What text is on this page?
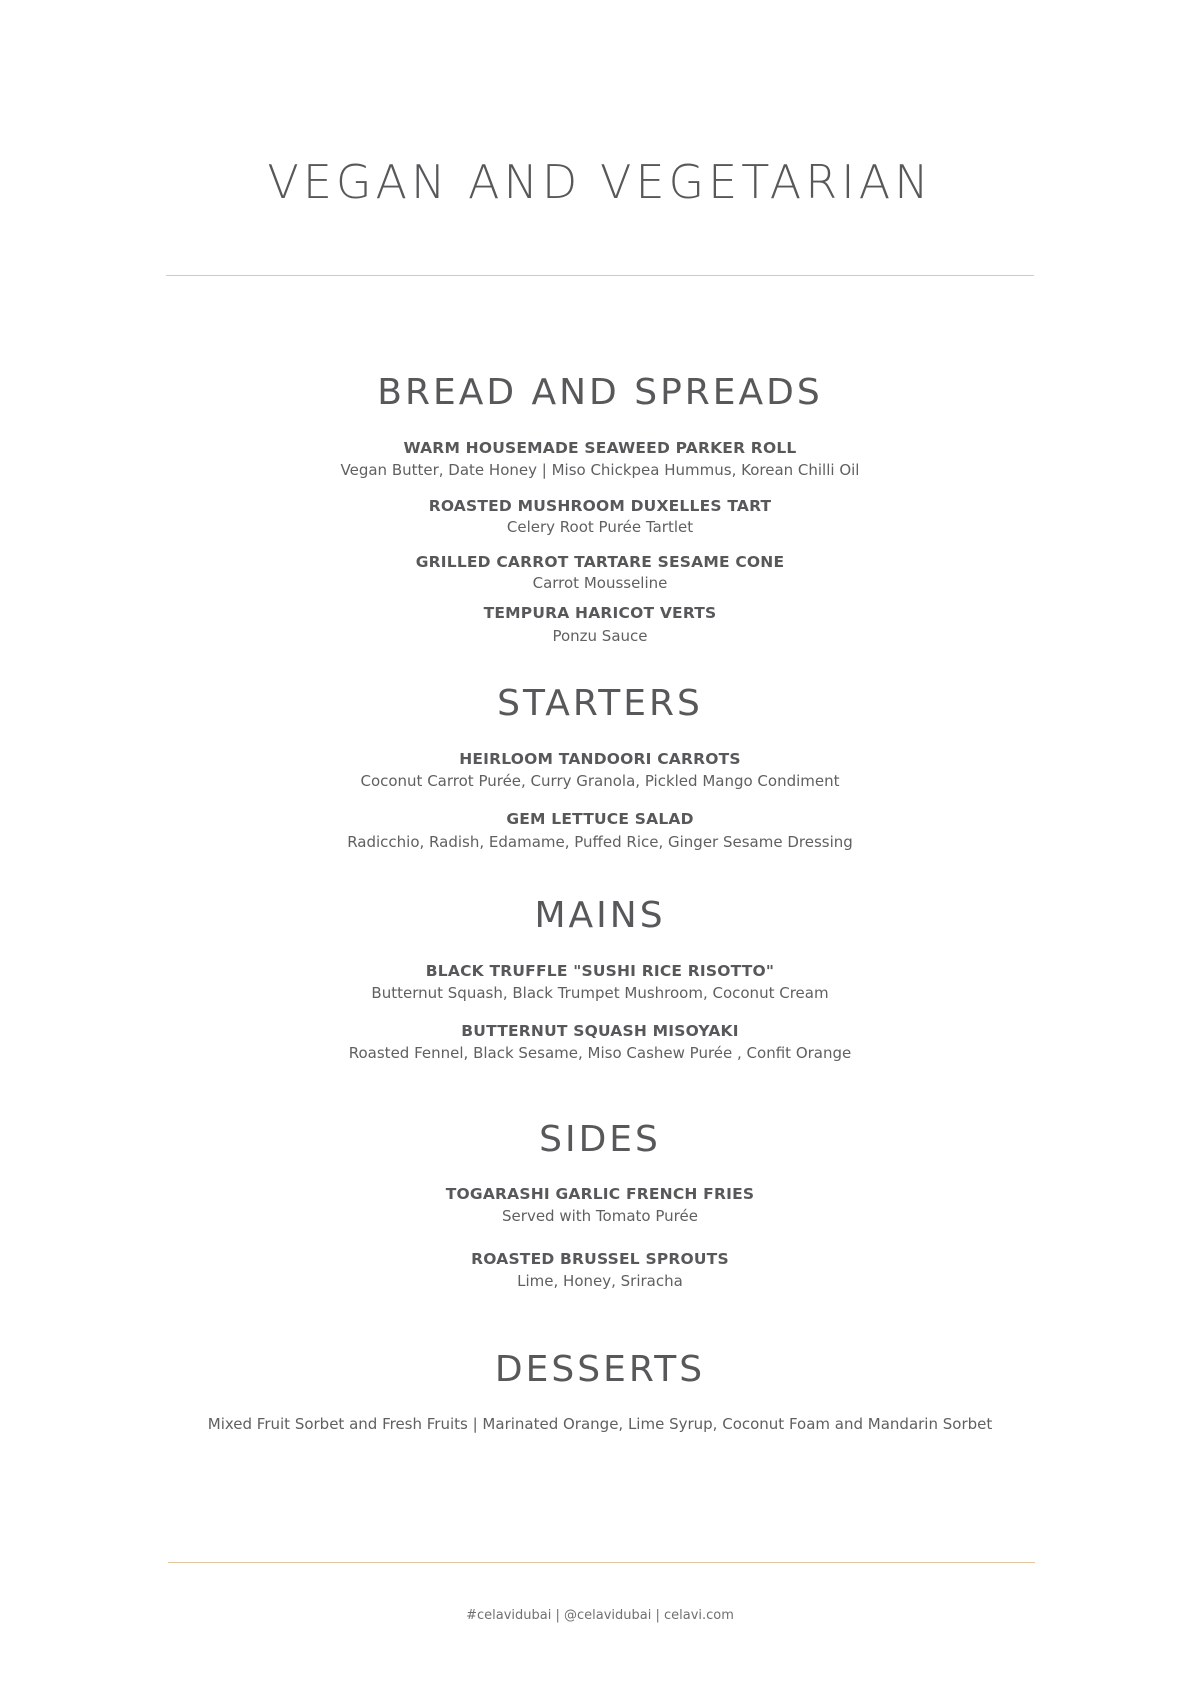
VEGAN AND VEGETARIAN
BREAD AND SPREADS
WARM HOUSEMADE SEAWEED PARKER ROLL
Vegan Butter, Date Honey | Miso Chickpea Hummus, Korean Chilli Oil
ROASTED MUSHROOM DUXELLES TART
Celery Root Purée Tartlet
GRILLED CARROT TARTARE SESAME CONE
Carrot Mousseline
TEMPURA HARICOT VERTS
Ponzu Sauce
STARTERS
HEIRLOOM TANDOORI CARROTS
Coconut Carrot Purée, Curry Granola, Pickled Mango Condiment
GEM LETTUCE SALAD
Radicchio, Radish, Edamame, Puffed Rice, Ginger Sesame Dressing
MAINS
BLACK TRUFFLE "SUSHI RICE RISOTTO"
Butternut Squash, Black Trumpet Mushroom, Coconut Cream
BUTTERNUT SQUASH MISOYAKI
Roasted Fennel, Black Sesame, Miso Cashew Purée , Confit Orange
SIDES
TOGARASHI GARLIC FRENCH FRIES
Served with Tomato Purée
ROASTED BRUSSEL SPROUTS
Lime, Honey, Sriracha
DESSERTS
Mixed Fruit Sorbet and Fresh Fruits | Marinated Orange, Lime Syrup, Coconut Foam and Mandarin Sorbet
#celavidubai | @celavidubai | celavi.com
